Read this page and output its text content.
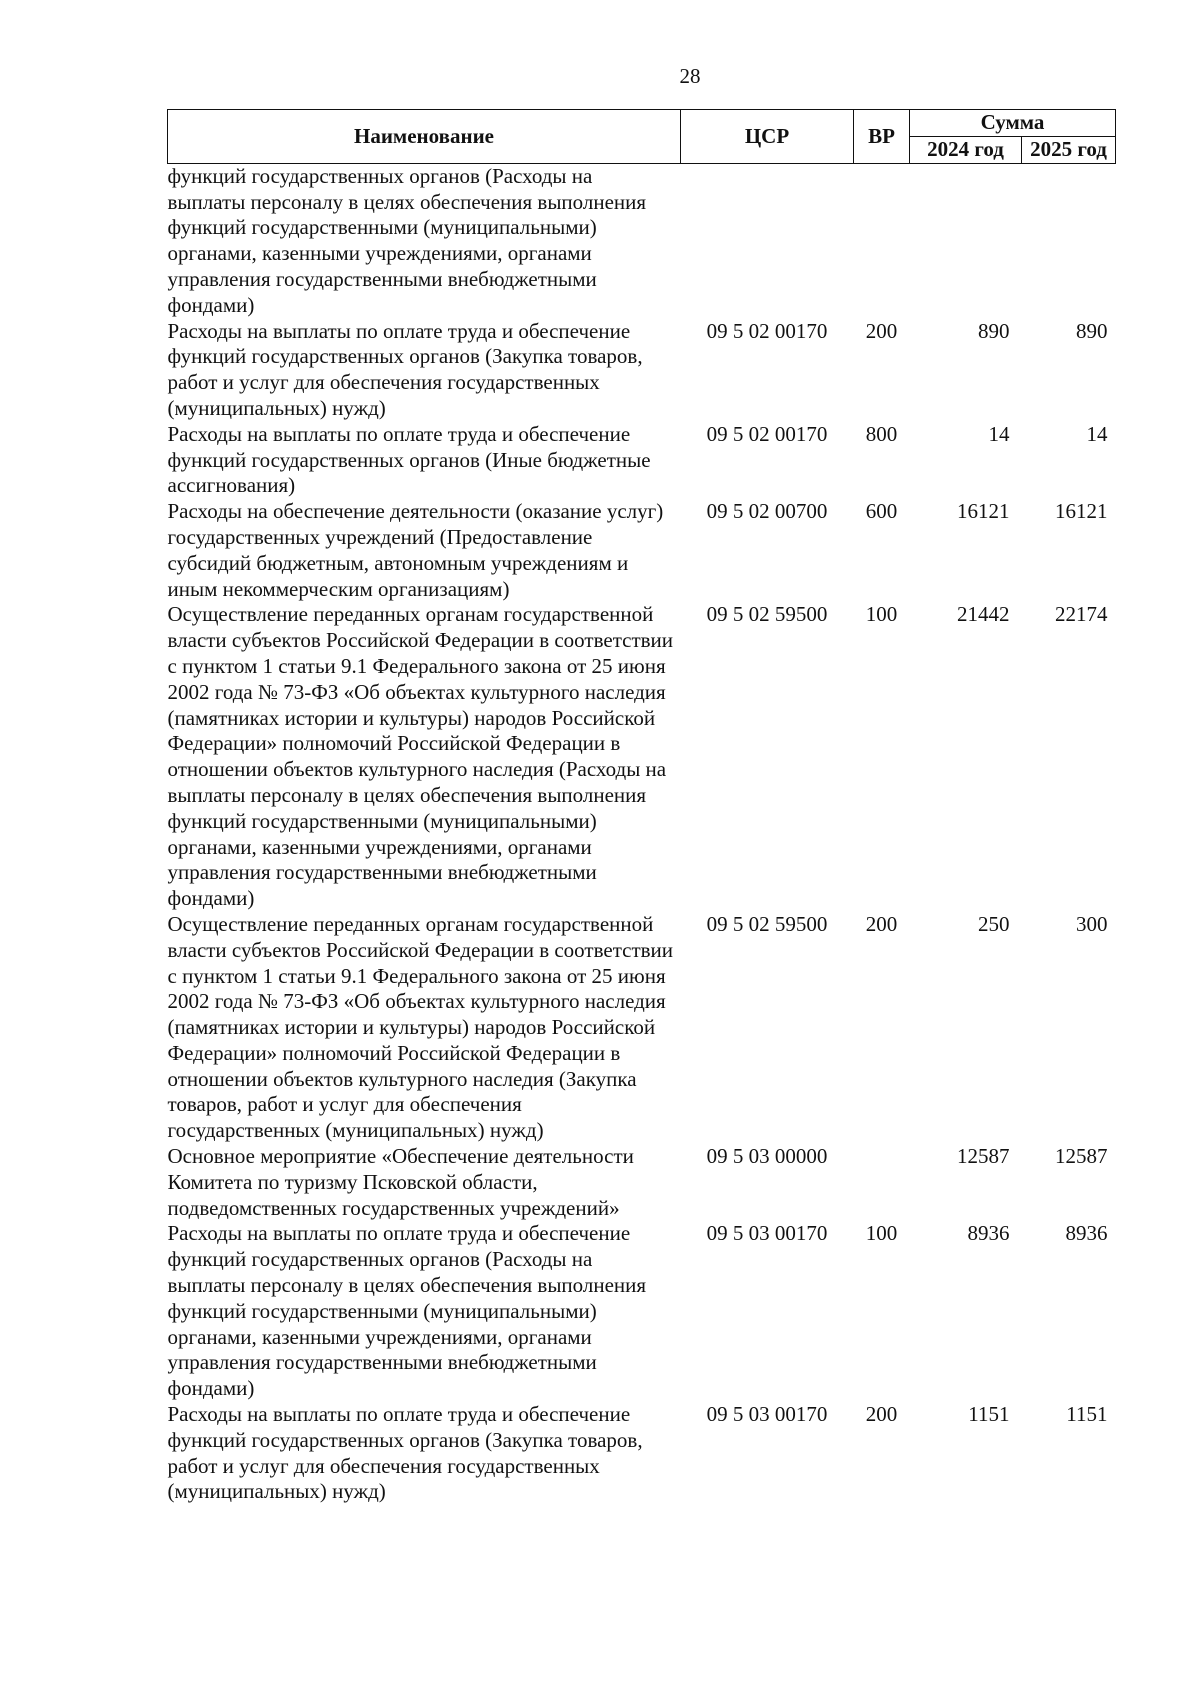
28
Наименование	ЦСР	ВР	Сумма	
			2024 год	2025 год
функций государственных органов (Расходы на выплаты персоналу в целях обеспечения выполнения функций государственными (муниципальными) органами, казенными учреждениями, органами управления государственными внебюджетными фондами)				
Расходы на выплаты по оплате труда и обеспечение функций государственных органов (Закупка товаров, работ и услуг для обеспечения государственных (муниципальных) нужд)	09 5 02 00170	200	890	890
Расходы на выплаты по оплате труда и обеспечение функций государственных органов (Иные бюджетные ассигнования)	09 5 02 00170	800	14	14
Расходы на обеспечение деятельности (оказание услуг) государственных учреждений (Предоставление субсидий бюджетным, автономным учреждениям и иным некоммерческим организациям)	09 5 02 00700	600	16121	16121
Осуществление переданных органам государственной власти субъектов Российской Федерации в соответствии с пунктом 1 статьи 9.1 Федерального закона от 25 июня 2002 года № 73-ФЗ «Об объектах культурного наследия (памятниках истории и культуры) народов Российской Федерации» полномочий Российской Федерации в отношении объектов культурного наследия (Расходы на выплаты персоналу в целях обеспечения выполнения функций государственными (муниципальными) органами, казенными учреждениями, органами управления государственными внебюджетными фондами)	09 5 02 59500	100	21442	22174
Осуществление переданных органам государственной власти субъектов Российской Федерации в соответствии с пунктом 1 статьи 9.1 Федерального закона от 25 июня 2002 года № 73-ФЗ «Об объектах культурного наследия (памятниках истории и культуры) народов Российской Федерации» полномочий Российской Федерации в отношении объектов культурного наследия (Закупка товаров, работ и услуг для обеспечения государственных (муниципальных) нужд)	09 5 02 59500	200	250	300
Основное мероприятие «Обеспечение деятельности Комитета по туризму Псковской области, подведомственных государственных учреждений»	09 5 03 00000		12587	12587
Расходы на выплаты по оплате труда и обеспечение функций государственных органов (Расходы на выплаты персоналу в целях обеспечения выполнения функций государственными (муниципальными) органами, казенными учреждениями, органами управления государственными внебюджетными фондами)	09 5 03 00170	100	8936	8936
Расходы на выплаты по оплате труда и обеспечение функций государственных органов (Закупка товаров, работ и услуг для обеспечения государственных (муниципальных) нужд)	09 5 03 00170	200	1151	1151
